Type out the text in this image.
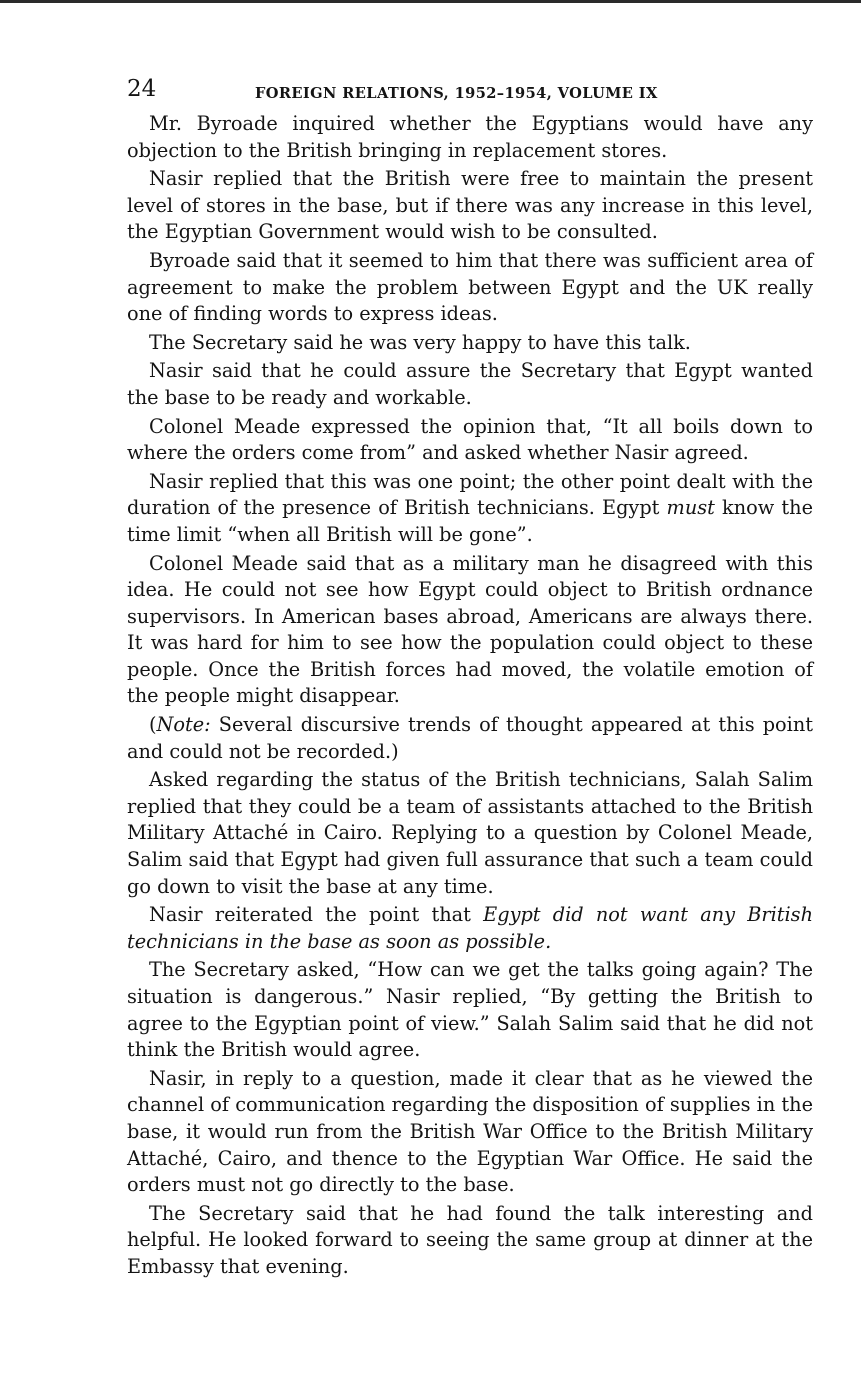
24	FOREIGN RELATIONS, 1952–1954, VOLUME IX

Mr. Byroade inquired whether the Egyptians would have any objection to the British bringing in replacement stores.

Nasir replied that the British were free to maintain the present level of stores in the base, but if there was any increase in this level, the Egyptian Government would wish to be consulted.

Byroade said that it seemed to him that there was sufficient area of agreement to make the problem between Egypt and the UK really one of finding words to express ideas.

The Secretary said he was very happy to have this talk.

Nasir said that he could assure the Secretary that Egypt wanted the base to be ready and workable.

Colonel Meade expressed the opinion that, “It all boils down to where the orders come from” and asked whether Nasir agreed.

Nasir replied that this was one point; the other point dealt with the duration of the presence of British technicians. Egypt must know the time limit “when all British will be gone”.

Colonel Meade said that as a military man he disagreed with this idea. He could not see how Egypt could object to British ordnance supervisors. In American bases abroad, Americans are always there. It was hard for him to see how the population could object to these people. Once the British forces had moved, the volatile emotion of the people might disappear.

(Note: Several discursive trends of thought appeared at this point and could not be recorded.)

Asked regarding the status of the British technicians, Salah Salim replied that they could be a team of assistants attached to the British Military Attaché in Cairo. Replying to a question by Colonel Meade, Salim said that Egypt had given full assurance that such a team could go down to visit the base at any time.

Nasir reiterated the point that Egypt did not want any British technicians in the base as soon as possible.

The Secretary asked, “How can we get the talks going again? The situation is dangerous.” Nasir replied, “By getting the British to agree to the Egyptian point of view.” Salah Salim said that he did not think the British would agree.

Nasir, in reply to a question, made it clear that as he viewed the channel of communication regarding the disposition of supplies in the base, it would run from the British War Office to the British Military Attaché, Cairo, and thence to the Egyptian War Office. He said the orders must not go directly to the base.

The Secretary said that he had found the talk interesting and helpful. He looked forward to seeing the same group at dinner at the Embassy that evening.
